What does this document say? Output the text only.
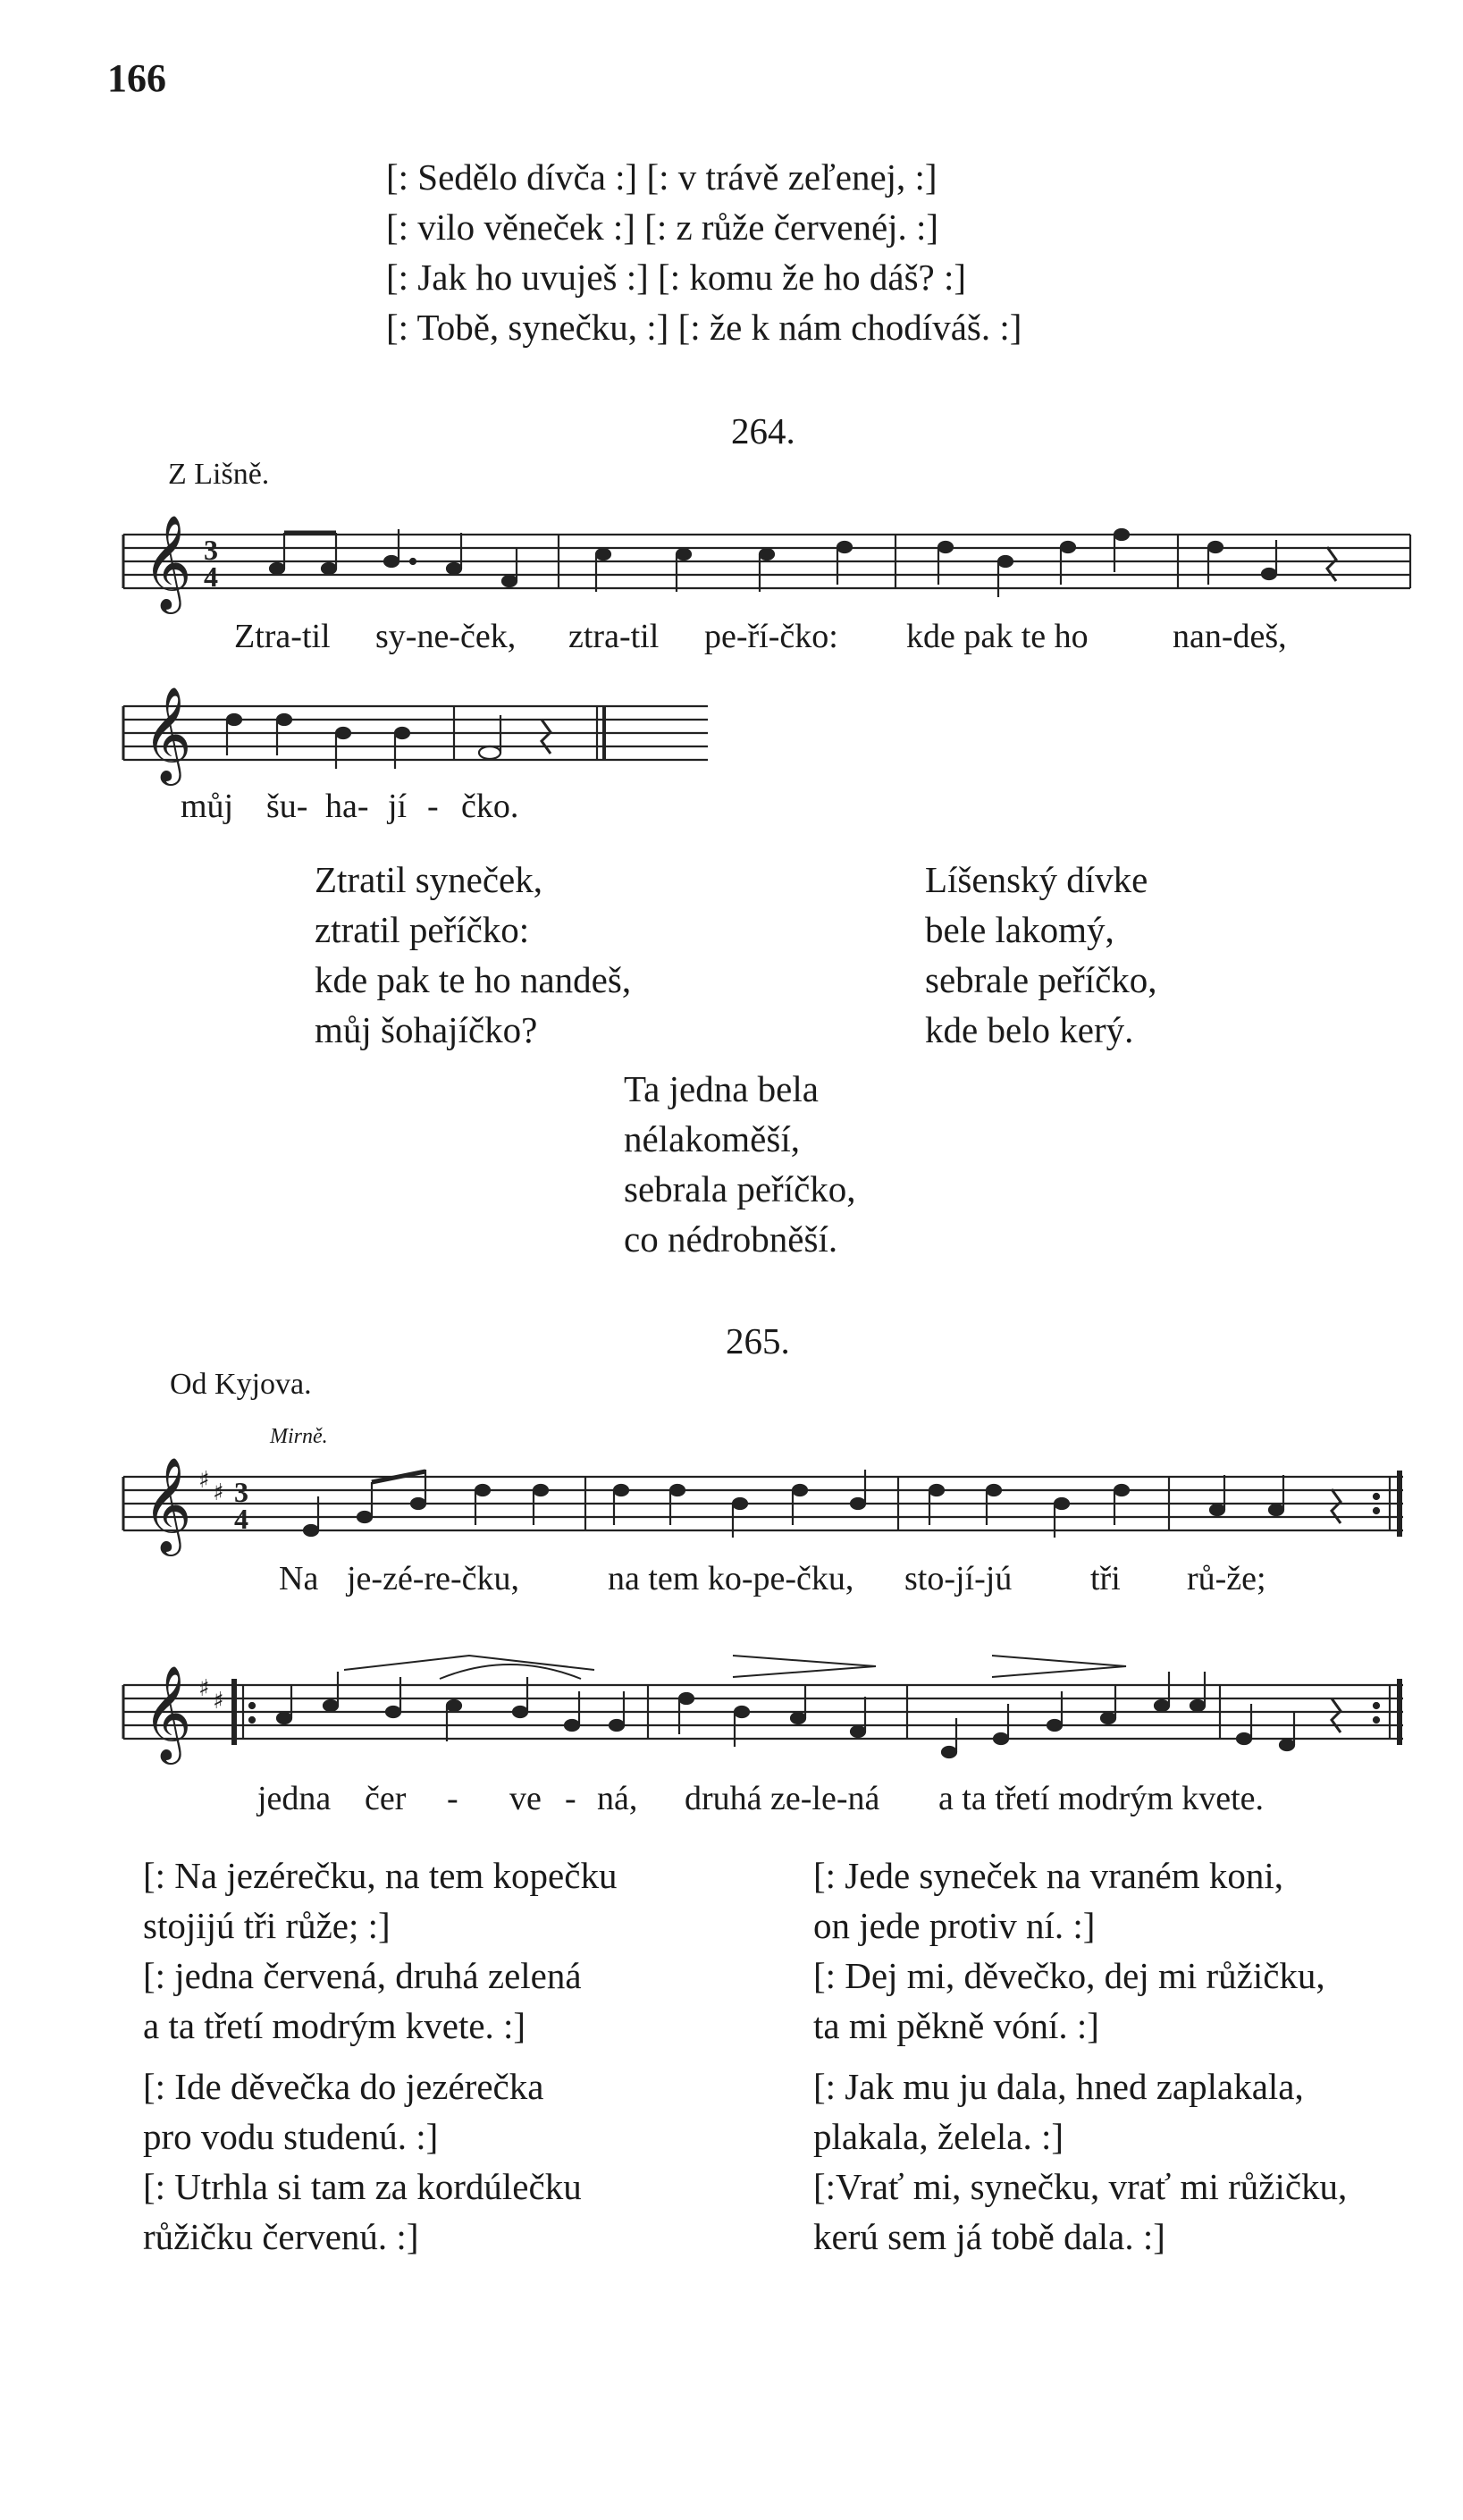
166
[: Sedělo dívča :] [: v trávě zeľenej, :]
[: vilo věneček :] [: z růže červenéj. :]
[: Jak ho uvuješ :] [: komu že ho dáš? :]
[: Tobě, synečku, :] [: že k nám chodíváš. :]
264.
Z Lišně.
𝄞 3
4
Ztra-til sy-ne-ček, ztra-til pe-ří-čko: kde pak te ho nan-deš,
𝄞
můj šu- ha- jí - čko.
Ztratil syneček,
ztratil peříčko:
kde pak te ho nandeš,
můj šohajíčko?
Líšenský dívke
bele lakomý,
sebrale peříčko,
kde belo kerý.
Ta jedna bela
nélakoměší,
sebrala peříčko,
co nédrobněší.
265.
Od Kyjova.
Mirně.
𝄞 ♯ ♯ 3
4
Na je-zé-re-čku,	na tem ko-pe-čku, sto-jí-jú tři rů-že;
𝄞 ♯ ♯
jedna čer - ve - ná, druhá ze-le-ná a ta třetí modrým kvete.
[: Na jezérečku, na tem kopečku
stojijú tři růže; :]
[: jedna červená, druhá zelená
a ta třetí modrým kvete. :]
[: Jede syneček na vraném koni,
on jede protiv ní. :]
[: Dej mi, děvečko, dej mi růžičku,
ta mi pěkně vóní. :]
[: Ide děvečka do jezérečka
pro vodu studenú. :]
[: Utrhla si tam za kordúlečku
růžičku červenú. :]
[: Jak mu ju dala, hned zaplakala,
plakala, želela. :]
[:Vrať mi, synečku, vrať mi růžičku,
kerú sem já tobě dala. :]
